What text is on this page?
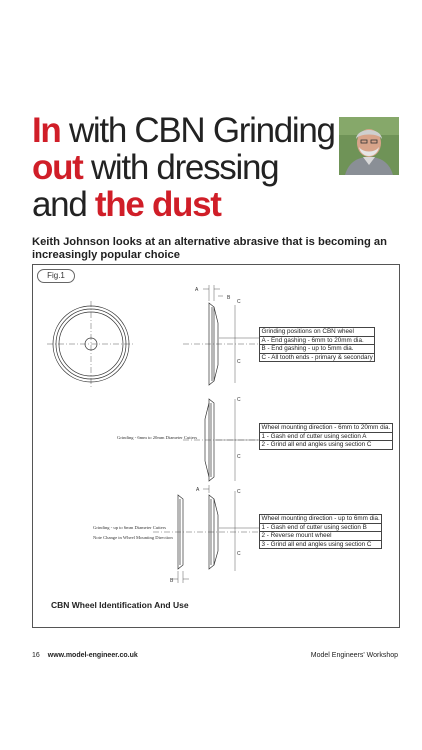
In with CBN Grinding
out with dressing
and the dust
Keith Johnson looks at an alternative abrasive that is becoming an increasingly popular choice
Fig.1
A
B
B
A
C
C
C
C
C
C
Grinding - 6mm to 20mm Diameter Cutters
Grinding - up to 6mm Diameter Cutters
Note Change in Wheel Mounting Direction
Grinding positions on CBN wheel
A - End gashing - 6mm to 20mm dia.
B - End gashing - up to 5mm dia.
C - All tooth ends - primary & secondary
Wheel mounting direction - 6mm to 20mm dia.
1 - Gash end of cutter using section A
2 - Grind all end angles using section C
Wheel mounting direction - up to 6mm dia.
1 - Gash end of cutter using section B
2 - Reverse mount wheel
3 - Grind all end angles using section C
CBN Wheel Identification And Use
16 www.model-engineer.co.uk	Model Engineers' Workshop
